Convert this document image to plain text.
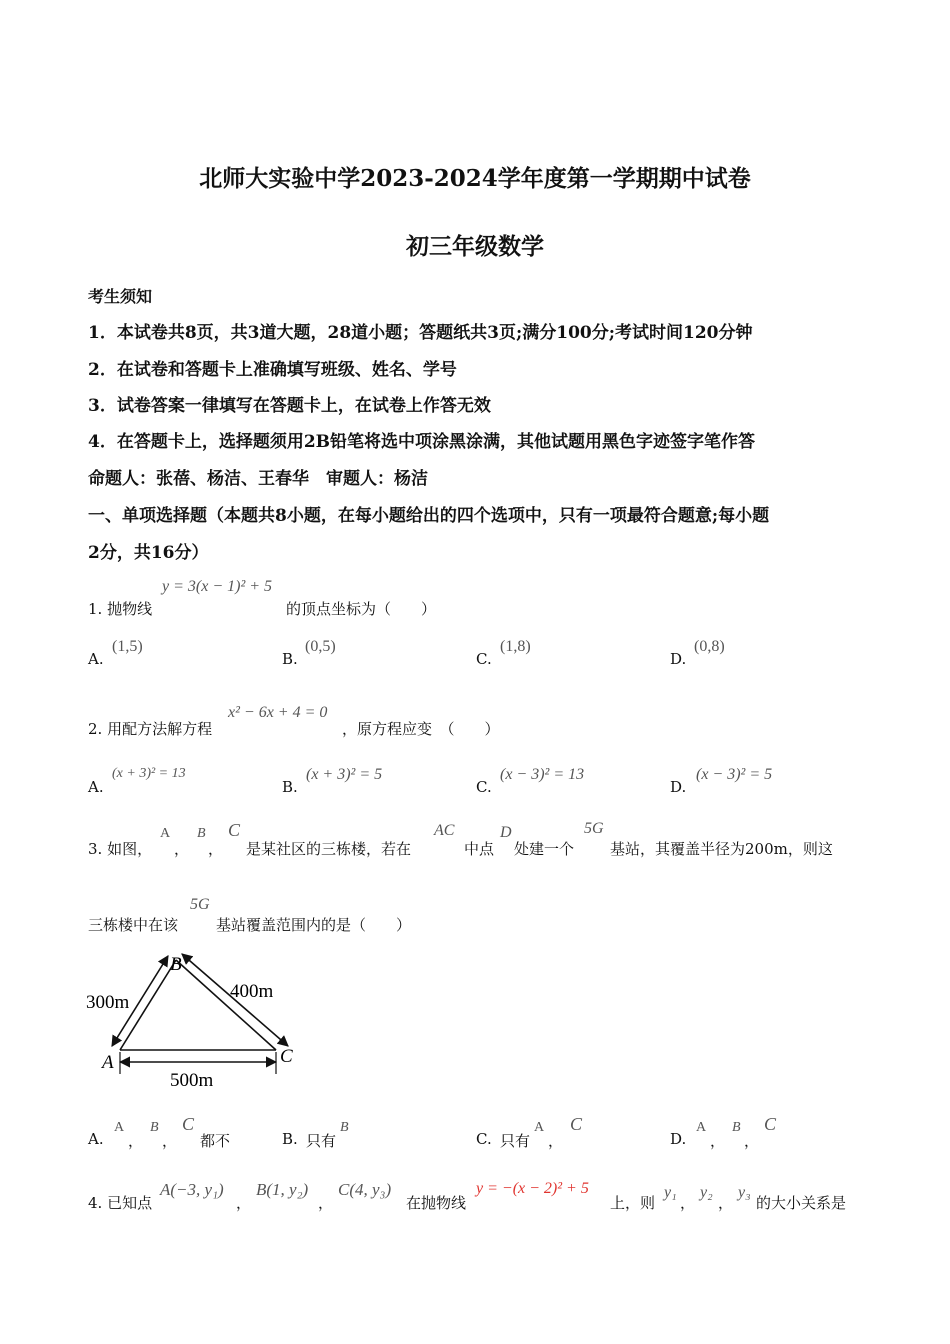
北师大实验中学2023-2024学年度第一学期期中试卷
初三年级数学
考生须知
1．本试卷共8页，共3道大题，28道小题；答题纸共3页;满分100分;考试时间120分钟
2．在试卷和答题卡上准确填写班级、姓名、学号
3．试卷答案一律填写在答题卡上，在试卷上作答无效
4．在答题卡上，选择题须用2B铅笔将选中项涂黑涂满，其他试题用黑色字迹签字笔作答
命题人：张蓓、杨洁、王春华　审题人：杨洁
一、单项选择题（本题共8小题，在每小题给出的四个选项中，只有一项最符合题意;每小题
2分，共16分）
1. 抛物线
y = 3(x − 1)² + 5
的顶点坐标为（　　）
A.
(1,5)
B.
(0,5)
C.
(1,8)
D.
(0,8)
2. 用配方法解方程
x² − 6x + 4 = 0
，原方程应变　（　　）
A.
(x + 3)² = 13
B.
(x + 3)² = 5
C.
(x − 3)² = 13
D.
(x − 3)² = 5
3. 如图，
A
，
B
，
C
是某社区的三栋楼，若在
AC
中点
D
处建一个
5G
基站，其覆盖半径为200m，则这
三栋楼中在该
5G
基站覆盖范围内的是（　　）
A
B
C
300m
400m
500m
A.
A
，
B
，
C
都不	B. 只有
B
C. 只有
A
，
C
D.
A
，
B
，
C
4. 已知点
A(−3, y₁)
，
B(1, y₂)
，
C(4, y₃)
在抛物线
y = −(x − 2)² + 5
上，则
y₁
，
y₂
，
y₃
的大小关系是
